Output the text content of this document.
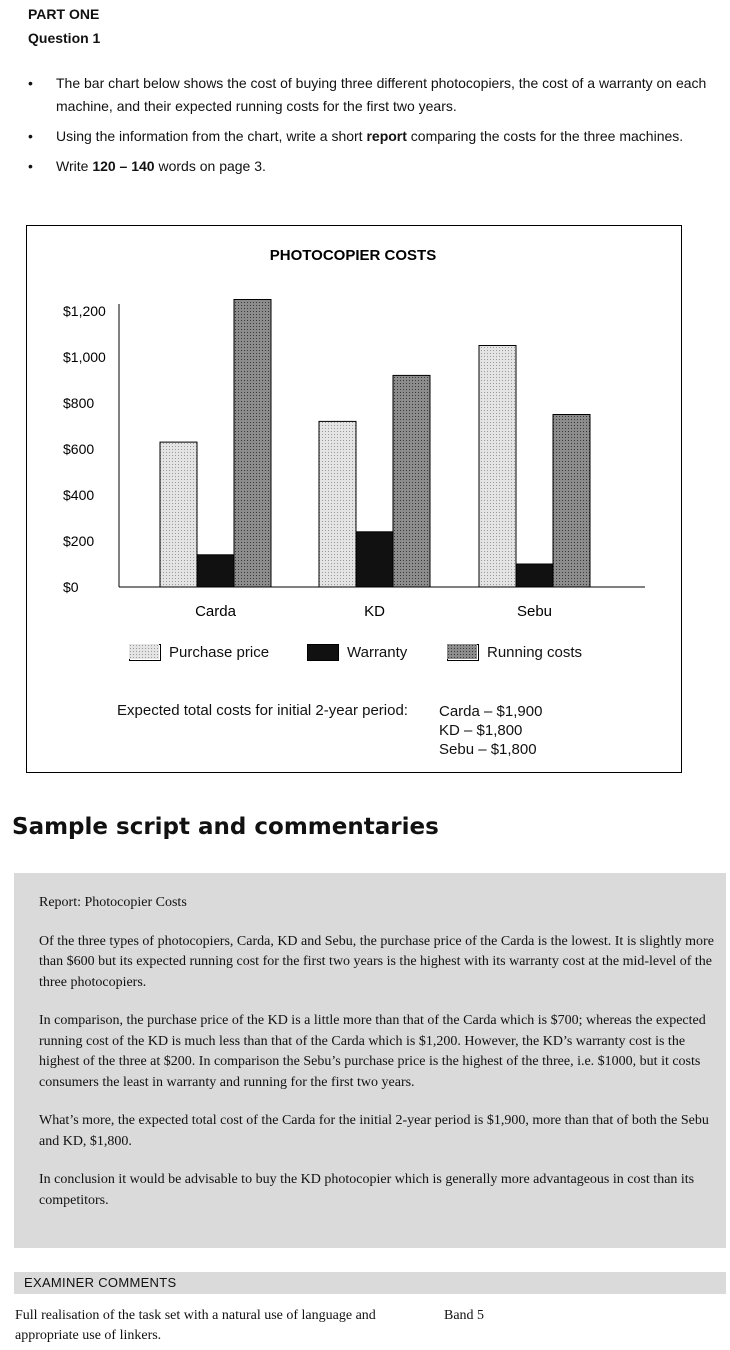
PART ONE
Question 1
• The bar chart below shows the cost of buying three different photocopiers, the cost of a warranty on each machine, and their expected running costs for the first two years.
• Using the information from the chart, write a short report comparing the costs for the three machines.
• Write 120 – 140 words on page 3.
PHOTOCOPIER COSTS
$0
$200
$400
$600
$800
$1,000
$1,200
Carda	KD	Sebu
Purchase price	Warranty	Running costs
Expected total costs for initial 2-year period: Carda – $1,900
KD – $1,800
Sebu – $1,800
Sample script and commentaries

Report: Photocopier Costs

Of the three types of photocopiers, Carda, KD and Sebu, the purchase price of the Carda is the lowest. It is slightly more than $600 but its expected running cost for the first two years is the highest with its warranty cost at the mid-level of the three photocopiers.

In comparison, the purchase price of the KD is a little more than that of the Carda which is $700; whereas the expected running cost of the KD is much less than that of the Carda which is $1,200. However, the KD’s warranty cost is the highest of the three at $200. In comparison the Sebu’s purchase price is the highest of the three, i.e. $1000, but it costs consumers the least in warranty and running for the first two years.

What’s more, the expected total cost of the Carda for the initial 2-year period is $1,900, more than that of both the Sebu and KD, $1,800.

In conclusion it would be advisable to buy the KD photocopier which is generally more advantageous in cost than its competitors.

EXAMINER COMMENTS
Full realisation of the task set with a natural use of language and appropriate use of linkers.
Band 5
